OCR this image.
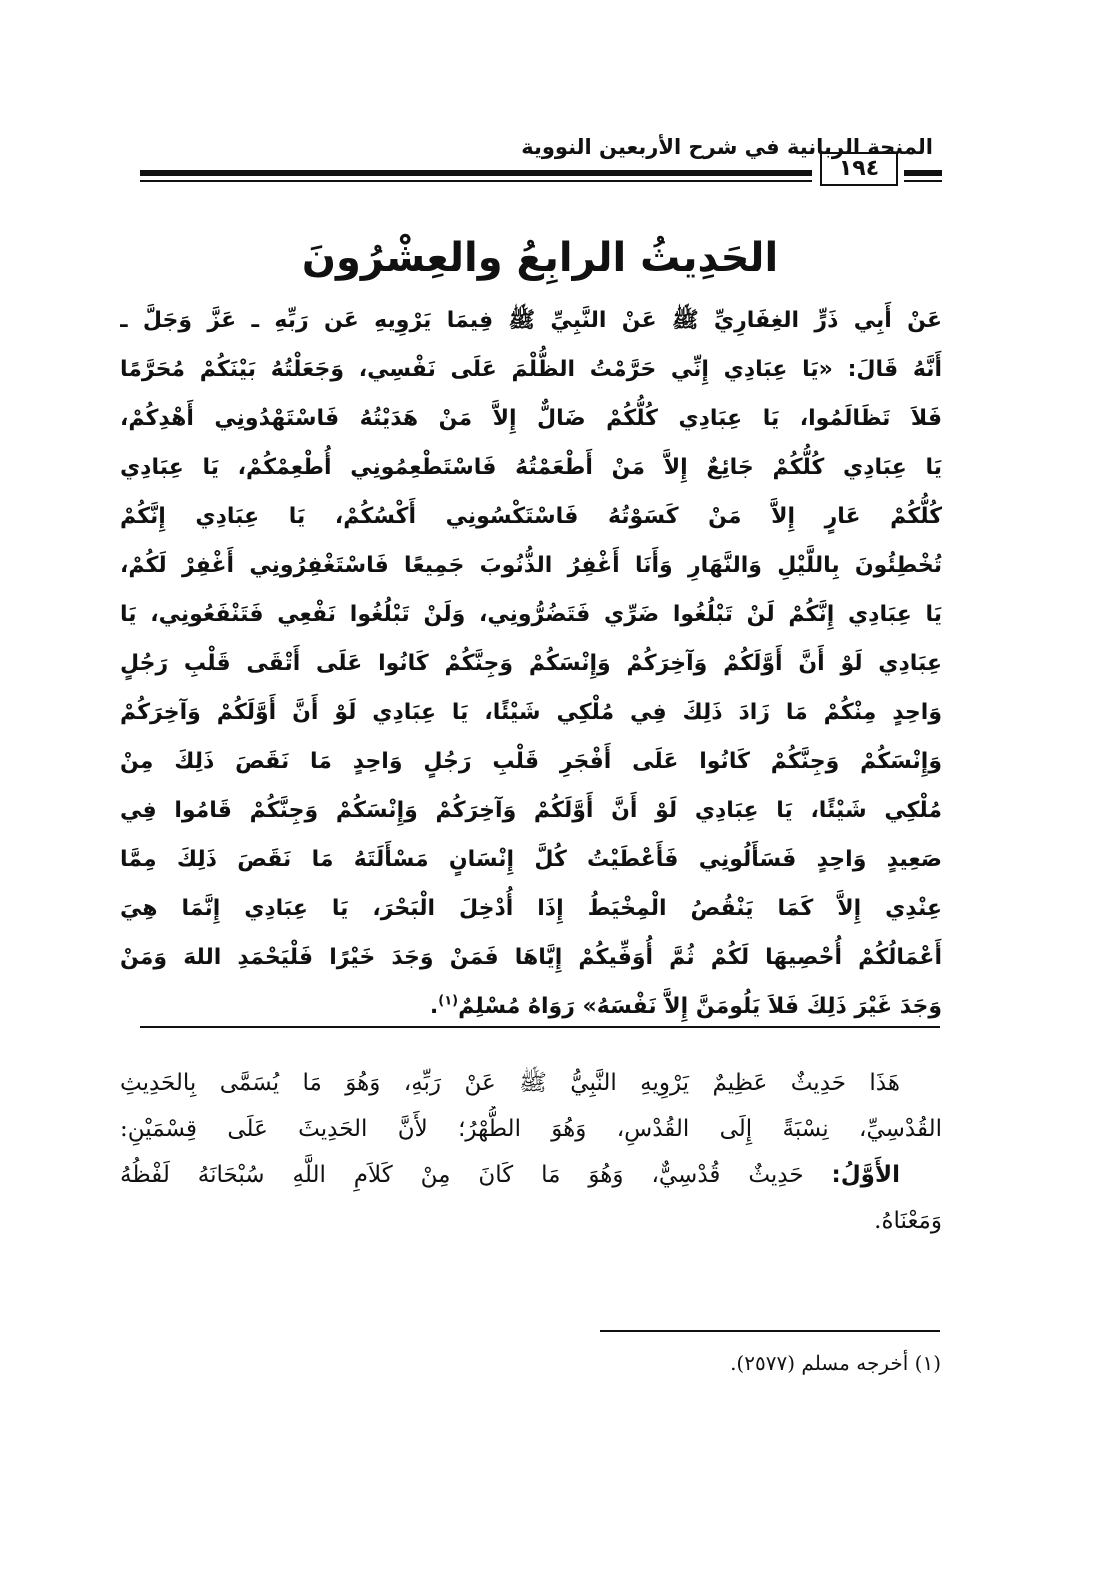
المنحة الربانية في شرح الأربعين النووية
١٩٤
الحَدِيثُ الرابِعُ والعِشْرُونَ
عَنْ أَبِي ذَرٍّ الغِفَارِيِّ ﷺ عَنْ النَّبِيِّ ﷺ فِيمَا يَرْوِيهِ عَن رَبِّهِ ـ عَزَّ وَجَلَّ ـ
أَنَّهُ قَالَ: «يَا عِبَادِي إِنِّي حَرَّمْتُ الظُّلْمَ عَلَى نَفْسِي، وَجَعَلْتُهُ بَيْنَكُمْ مُحَرَّمًا
فَلاَ تَظَالَمُوا، يَا عِبَادِي كُلُّكُمْ ضَالٌّ إِلاَّ مَنْ هَدَيْتُهُ فَاسْتَهْدُونِي أَهْدِكُمْ،
يَا عِبَادِي كُلُّكُمْ جَائِعٌ إِلاَّ مَنْ أَطْعَمْتُهُ فَاسْتَطْعِمُونِي أُطْعِمْكُمْ، يَا عِبَادِي
كُلُّكُمْ عَارٍ إِلاَّ مَنْ كَسَوْتُهُ فَاسْتَكْسُونِي أَكْسُكُمْ، يَا عِبَادِي إِنَّكُمْ
تُخْطِئُونَ بِاللَّيْلِ وَالنَّهَارِ وَأَنَا أَغْفِرُ الذُّنُوبَ جَمِيعًا فَاسْتَغْفِرُونِي أَغْفِرْ لَكُمْ،
يَا عِبَادِي إِنَّكُمْ لَنْ تَبْلُغُوا ضَرِّي فَتَضُرُّونِي، وَلَنْ تَبْلُغُوا نَفْعِي فَتَنْفَعُونِي، يَا
عِبَادِي لَوْ أَنَّ أَوَّلَكُمْ وَآخِرَكُمْ وَإِنْسَكُمْ وَجِنَّكُمْ كَانُوا عَلَى أَتْقَى قَلْبِ رَجُلٍ
وَاحِدٍ مِنْكُمْ مَا زَادَ ذَلِكَ فِي مُلْكِي شَيْئًا، يَا عِبَادِي لَوْ أَنَّ أَوَّلَكُمْ وَآخِرَكُمْ
وَإِنْسَكُمْ وَجِنَّكُمْ كَانُوا عَلَى أَفْجَرِ قَلْبِ رَجُلٍ وَاحِدٍ مَا نَقَصَ ذَلِكَ مِنْ
مُلْكِي شَيْئًا، يَا عِبَادِي لَوْ أَنَّ أَوَّلَكُمْ وَآخِرَكُمْ وَإِنْسَكُمْ وَجِنَّكُمْ قَامُوا فِي
صَعِيدٍ وَاحِدٍ فَسَأَلُونِي فَأَعْطَيْتُ كُلَّ إِنْسَانٍ مَسْأَلَتَهُ مَا نَقَصَ ذَلِكَ مِمَّا
عِنْدِي إِلاَّ كَمَا يَنْقُصُ الْمِخْيَطُ إِذَا أُدْخِلَ الْبَحْرَ، يَا عِبَادِي إِنَّمَا هِيَ
أَعْمَالُكُمْ أُحْصِيهَا لَكُمْ ثُمَّ أُوَفِّيكُمْ إِيَّاهَا فَمَنْ وَجَدَ خَيْرًا فَلْيَحْمَدِ اللهَ وَمَنْ
وَجَدَ غَيْرَ ذَلِكَ فَلاَ يَلُومَنَّ إِلاَّ نَفْسَهُ» رَوَاهُ مُسْلِمٌ$^{(١)}$.
هَذَا حَدِيثٌ عَظِيمٌ يَرْوِيهِ النَّبِيُّ ﷺ عَنْ رَبِّهِ، وَهُوَ مَا يُسَمَّى بِالحَدِيثِ
القُدْسِيِّ، نِسْبَةً إِلَى القُدْسِ، وَهُوَ الطُّهْرُ؛ لأَنَّ الحَدِيثَ عَلَى قِسْمَيْنِ:
الأَوَّلُ: حَدِيثٌ قُدْسِيٌّ، وَهُوَ مَا كَانَ مِنْ كَلاَمِ اللَّهِ سُبْحَانَهُ لَفْظُهُ
وَمَعْنَاهُ.
(١) أخرجه مسلم (٢٥٧٧).
